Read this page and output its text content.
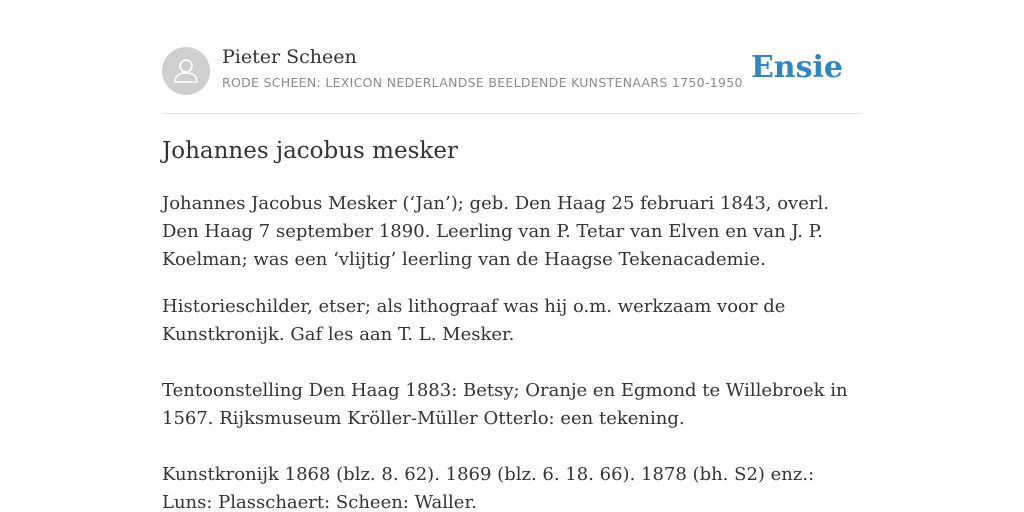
Pieter Scheen
RODE SCHEEN: LEXICON NEDERLANDSE BEELDENDE KUNSTENAARS 1750-1950 Ensie
Johannes jacobus mesker

Johannes Jacobus Mesker (‘Jan’); geb. Den Haag 25 februari 1843, overl. Den Haag 7 september 1890. Leerling van P. Tetar van Elven en van J. P. Koelman; was een ‘vlijtig’ leerling van de Haagse Tekenacademie.

Historieschilder, etser; als lithograaf was hij o.m. werkzaam voor de Kunstkronijk. Gaf les aan T. L. Mesker.

Tentoonstelling Den Haag 1883: Betsy; Oranje en Egmond te Willebroek in 1567. Rijksmuseum Kröller-Müller Otterlo: een tekening.

Kunstkronijk 1868 (blz. 8. 62). 1869 (blz. 6. 18. 66). 1878 (bh. S2) enz.: Luns: Plasschaert: Scheen: Waller.
